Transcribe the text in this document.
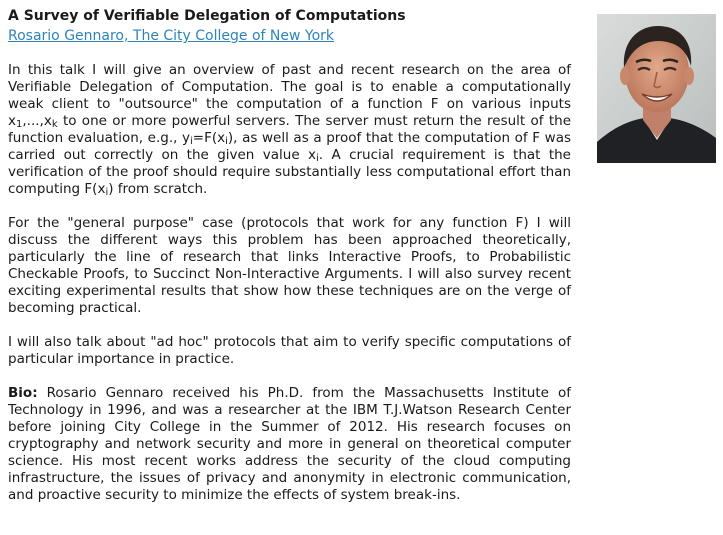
A Survey of Verifiable Delegation of Computations
Rosario Gennaro, The City College of New York

In this talk I will give an overview of past and recent research on the area of Verifiable Delegation of Computation. The goal is to enable a computationally weak client to "outsource" the computation of a function F on various inputs $x_1,...,x_k$ to one or more powerful servers. The server must return the result of the function evaluation, e.g., $y_i=F(x_i)$, as well as a proof that the computation of F was carried out correctly on the given value $x_i$. A crucial requirement is that the verification of the proof should require substantially less computational effort than computing $F(x_i)$ from scratch.

For the "general purpose" case (protocols that work for any function F) I will discuss the different ways this problem has been approached theoretically, particularly the line of research that links Interactive Proofs, to Probabilistic Checkable Proofs, to Succinct Non-Interactive Arguments. I will also survey recent exciting experimental results that show how these techniques are on the verge of becoming practical.

I will also talk about "ad hoc" protocols that aim to verify specific computations of particular importance in practice.

Bio: Rosario Gennaro received his Ph.D. from the Massachusetts Institute of Technology in 1996, and was a researcher at the IBM T.J.Watson Research Center before joining City College in the Summer of 2012. His research focuses on cryptography and network security and more in general on theoretical computer science. His most recent works address the security of the cloud computing infrastructure, the issues of privacy and anonymity in electronic communication, and proactive security to minimize the effects of system break-ins.
